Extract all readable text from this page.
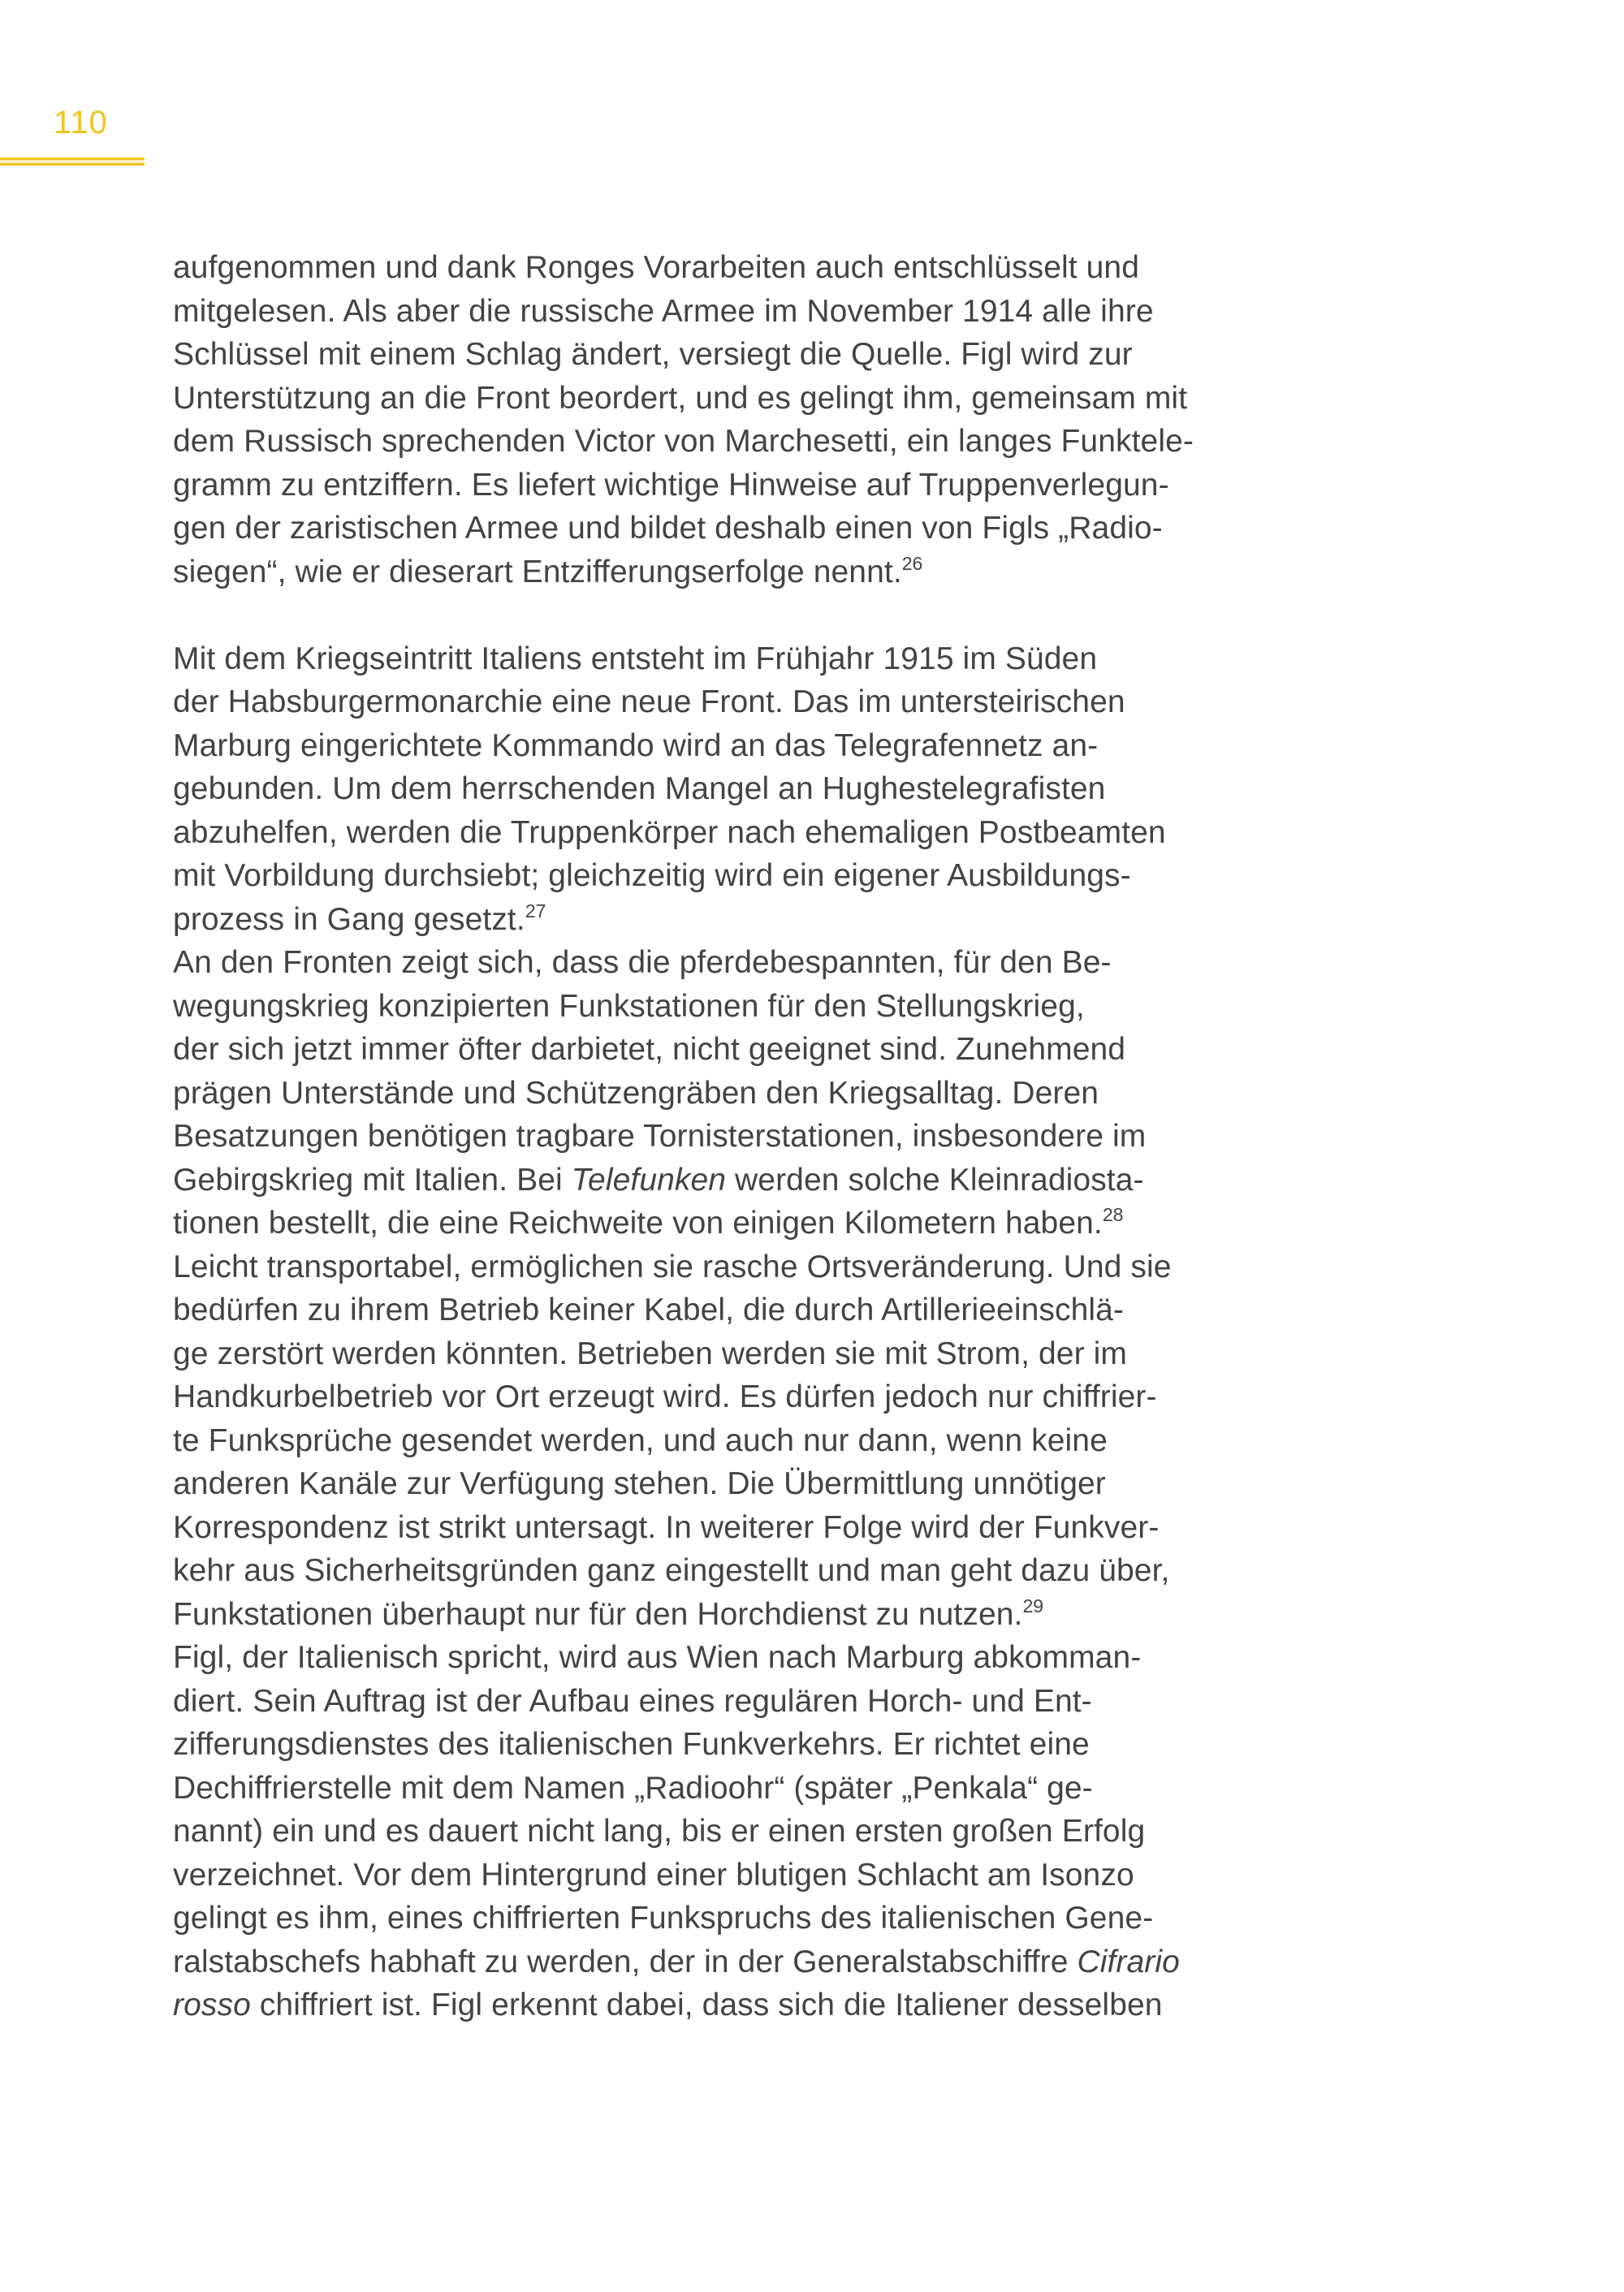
110
aufgenommen und dank Ronges Vorarbeiten auch entschlüsselt und
mitgelesen. Als aber die russische Armee im November 1914 alle ihre
Schlüssel mit einem Schlag ändert, versiegt die Quelle. Figl wird zur
Unterstützung an die Front beordert, und es gelingt ihm, gemeinsam mit
dem Russisch sprechenden Victor von Marchesetti, ein langes Funktele-
gramm zu entziffern. Es liefert wichtige Hinweise auf Truppenverlegun-
gen der zaristischen Armee und bildet deshalb einen von Figls „Radio-
siegen“, wie er dieserart Entzifferungserfolge nennt.$^{26}$
Mit dem Kriegseintritt Italiens entsteht im Frühjahr 1915 im Süden
der Habsburgermonarchie eine neue Front. Das im untersteirischen
Marburg eingerichtete Kommando wird an das Telegrafennetz an-
gebunden. Um dem herrschenden Mangel an Hughestelegrafisten
abzuhelfen, werden die Truppenkörper nach ehemaligen Postbeamten
mit Vorbildung durchsiebt; gleichzeitig wird ein eigener Ausbildungs-
prozess in Gang gesetzt.$^{27}$
An den Fronten zeigt sich, dass die pferdebespannten, für den Be-
wegungskrieg konzipierten Funkstationen für den Stellungskrieg,
der sich jetzt immer öfter darbietet, nicht geeignet sind. Zunehmend
prägen Unterstände und Schützengräben den Kriegsalltag. Deren
Besatzungen benötigen tragbare Tornisterstationen, insbesondere im
Gebirgskrieg mit Italien. Bei Telefunken werden solche Kleinradiosta-
tionen bestellt, die eine Reichweite von einigen Kilometern haben.$^{28}$
Leicht transportabel, ermöglichen sie rasche Ortsveränderung. Und sie
bedürfen zu ihrem Betrieb keiner Kabel, die durch Artillerieeinschlä-
ge zerstört werden könnten. Betrieben werden sie mit Strom, der im
Handkurbelbetrieb vor Ort erzeugt wird. Es dürfen jedoch nur chiffrier-
te Funksprüche gesendet werden, und auch nur dann, wenn keine
anderen Kanäle zur Verfügung stehen. Die Übermittlung unnötiger
Korrespondenz ist strikt untersagt. In weiterer Folge wird der Funkver-
kehr aus Sicherheitsgründen ganz eingestellt und man geht dazu über,
Funkstationen überhaupt nur für den Horchdienst zu nutzen.$^{29}$
Figl, der Italienisch spricht, wird aus Wien nach Marburg abkomman-
diert. Sein Auftrag ist der Aufbau eines regulären Horch- und Ent-
zifferungsdienstes des italienischen Funkverkehrs. Er richtet eine
Dechiffrierstelle mit dem Namen „Radioohr“ (später „Penkala“ ge-
nannt) ein und es dauert nicht lang, bis er einen ersten großen Erfolg
verzeichnet. Vor dem Hintergrund einer blutigen Schlacht am Isonzo
gelingt es ihm, eines chiffrierten Funkspruchs des italienischen Gene-
ralstabschefs habhaft zu werden, der in der Generalstabschiffre Cifrario
rosso chiffriert ist. Figl erkennt dabei, dass sich die Italiener desselben
